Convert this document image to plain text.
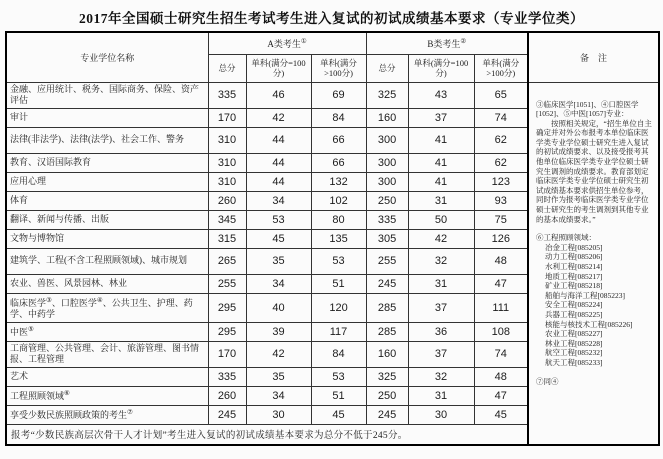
2017年全国硕士研究生招生考试考生进入复试的初试成绩基本要求（专业学位类）
专业学位名称	A类考生①			B类考生②			备　注
	总分	单科(满分=100分)	单科(满分>100分)	总分	单科(满分=100分)	单科(满分>100分)	
金融、应用统计、税务、国际商务、保险、资产评估	335	46	69	325	43	65	
③临床医学[1051]、④口腔医学[1052]、⑤中医[1057]专业：
按照相关规定，“招生单位自主确定并对外公布报考本单位临床医学类专业学位硕士研究生进入复试的初试成绩要求、以及接受报考其他单位临床医学类专业学位硕士研究生调剂的成绩要求。教育部划定临床医学类专业学位硕士研究生初试成绩基本要求供招生单位参考，同时作为报考临床医学类专业学位硕士研究生的考生调剂到其他专业的基本成绩要求。”
⑥工程照顾领域：
冶金工程[085205]
动力工程[085206]
水利工程[085214]
地质工程[085217]
矿业工程[085218]
船舶与海洋工程[085223]
安全工程[085224]
兵器工程[085225]
核能与核技术工程[085226]
农业工程[085227]
林业工程[085228]
航空工程[085232]
航天工程[085233]
⑦同④

审计	170	42	84	160	37	74	
法律(非法学)、法律(法学)、社会工作、警务	310	44	66	300	41	62	
教育、汉语国际教育	310	44	66	300	41	62	
应用心理	310	44	132	300	41	123	
体育	260	34	102	250	31	93	
翻译、新闻与传播、出版	345	53	80	335	50	75	
文物与博物馆	315	45	135	305	42	126	
建筑学、工程(不含工程照顾领域)、城市规划	265	35	53	255	32	48	
农业、兽医、风景园林、林业	255	34	51	245	31	47	
临床医学③、口腔医学④、公共卫生、护理、药学、中药学	295	40	120	285	37	111	
中医⑤	295	39	117	285	36	108	
工商管理、公共管理、会计、旅游管理、图书情报、工程管理	170	42	84	160	37	74	
艺术	335	35	53	325	32	48	
工程照顾领域⑥	260	34	51	250	31	47	
享受少数民族照顾政策的考生⑦	245	30	45	245	30	45	
报考“少数民族高层次骨干人才计划”考生进入复试的初试成绩基本要求为总分不低于245分。							
